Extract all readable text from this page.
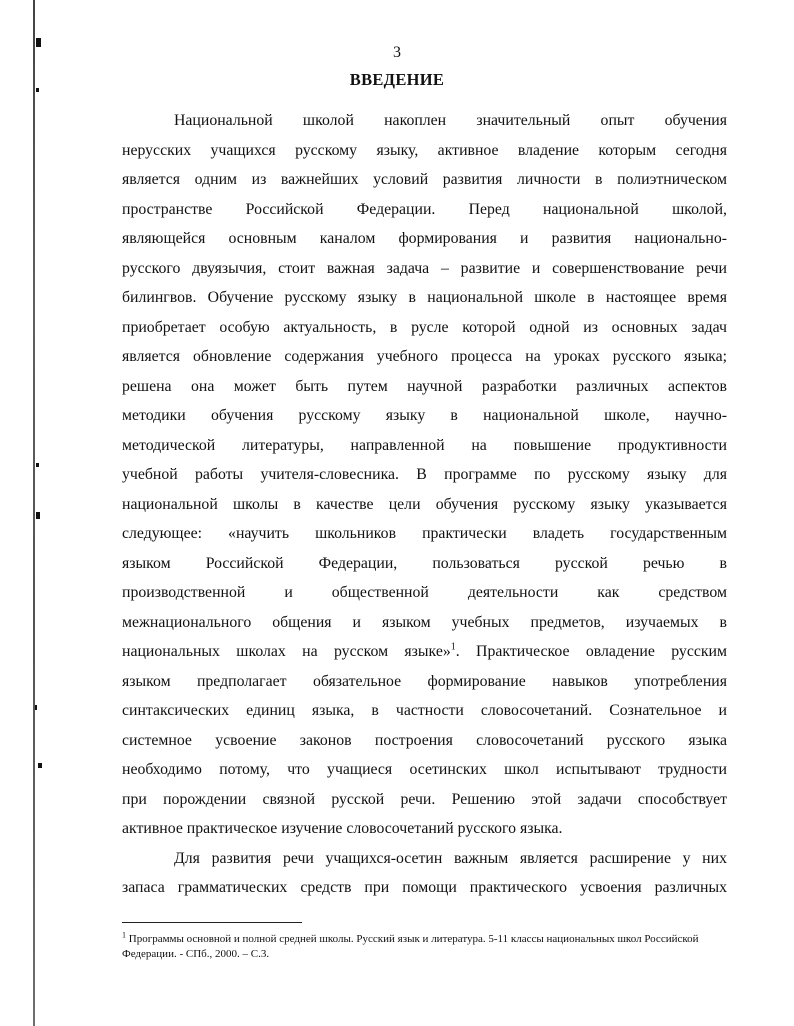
3
ВВЕДЕНИЕ
Национальной школой накоплен значительный опыт обучения
нерусских учащихся русскому языку, активное владение которым сегодня
является одним из важнейших условий развития личности в полиэтническом
пространстве Российской Федерации. Перед национальной школой,
являющейся основным каналом формирования и развития национально-
русского двуязычия, стоит важная задача – развитие и совершенствование речи
билингвов. Обучение русскому языку в национальной школе в настоящее время
приобретает особую актуальность, в русле которой одной из основных задач
является обновление содержания учебного процесса на уроках русского языка;
решена она может быть путем научной разработки различных аспектов
методики обучения русскому языку в национальной школе, научно-
методической литературы, направленной на повышение продуктивности
учебной работы учителя-словесника. В программе по русскому языку для
национальной школы в качестве цели обучения русскому языку указывается
следующее: «научить школьников практически владеть государственным
языком Российской Федерации, пользоваться русской речью в
производственной и общественной деятельности как средством
межнационального общения и языком учебных предметов, изучаемых в
национальных школах на русском языке»$^1$. Практическое овладение русским
языком предполагает обязательное формирование навыков употребления
синтаксических единиц языка, в частности словосочетаний. Сознательное и
системное усвоение законов построения словосочетаний русского языка
необходимо потому, что учащиеся осетинских школ испытывают трудности
при порождении связной русской речи. Решению этой задачи способствует
активное практическое изучение словосочетаний русского языка.
Для развития речи учащихся-осетин важным является расширение у них
запаса грамматических средств при помощи практического усвоения различных
$^1$ Программы основной и полной средней школы. Русский язык и литература. 5-11 классы национальных школ Российской Федерации. - СПб., 2000. – С.3.
